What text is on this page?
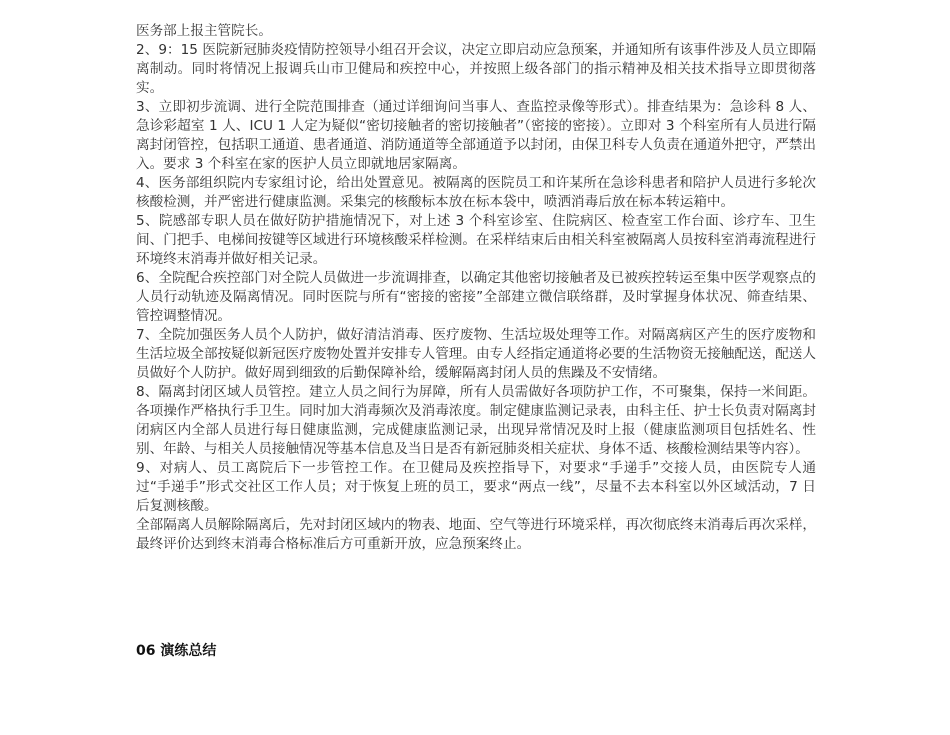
医务部上报主管院长。

2、9：15 医院新冠肺炎疫情防控领导小组召开会议，决定立即启动应急预案，并通知所有该事件涉及人员立即隔离制动。同时将情况上报调兵山市卫健局和疾控中心，并按照上级各部门的指示精神及相关技术指导立即贯彻落实。

3、立即初步流调、进行全院范围排查（通过详细询问当事人、查监控录像等形式）。排查结果为：急诊科 8 人、急诊彩超室 1 人、ICU 1 人定为疑似“密切接触者的密切接触者”（密接的密接）。立即对 3 个科室所有人员进行隔离封闭管控，包括职工通道、患者通道、消防通道等全部通道予以封闭，由保卫科专人负责在通道外把守，严禁出入。要求 3 个科室在家的医护人员立即就地居家隔离。

4、医务部组织院内专家组讨论，给出处置意见。被隔离的医院员工和许某所在急诊科患者和陪护人员进行多轮次核酸检测，并严密进行健康监测。采集完的核酸标本放在标本袋中，喷洒消毒后放在标本转运箱中。

5、院感部专职人员在做好防护措施情况下，对上述 3 个科室诊室、住院病区、检查室工作台面、诊疗车、卫生间、门把手、电梯间按键等区域进行环境核酸采样检测。在采样结束后由相关科室被隔离人员按科室消毒流程进行环境终末消毒并做好相关记录。

6、全院配合疾控部门对全院人员做进一步流调排查，以确定其他密切接触者及已被疾控转运至集中医学观察点的人员行动轨迹及隔离情况。同时医院与所有“密接的密接”全部建立微信联络群，及时掌握身体状况、筛查结果、管控调整情况。

7、全院加强医务人员个人防护，做好清洁消毒、医疗废物、生活垃圾处理等工作。对隔离病区产生的医疗废物和生活垃圾全部按疑似新冠医疗废物处置并安排专人管理。由专人经指定通道将必要的生活物资无接触配送，配送人员做好个人防护。做好周到细致的后勤保障补给，缓解隔离封闭人员的焦躁及不安情绪。

8、隔离封闭区域人员管控。建立人员之间行为屏障，所有人员需做好各项防护工作，不可聚集，保持一米间距。各项操作严格执行手卫生。同时加大消毒频次及消毒浓度。制定健康监测记录表，由科主任、护士长负责对隔离封闭病区内全部人员进行每日健康监测，完成健康监测记录，出现异常情况及时上报（健康监测项目包括姓名、性别、年龄、与相关人员接触情况等基本信息及当日是否有新冠肺炎相关症状、身体不适、核酸检测结果等内容）。

9、对病人、员工离院后下一步管控工作。在卫健局及疾控指导下，对要求“手递手”交接人员，由医院专人通过“手递手”形式交社区工作人员；对于恢复上班的员工，要求“两点一线”，尽量不去本科室以外区域活动，7 日后复测核酸。

全部隔离人员解除隔离后，先对封闭区域内的物表、地面、空气等进行环境采样，再次彻底终末消毒后再次采样，最终评价达到终末消毒合格标准后方可重新开放，应急预案终止。

06 演练总结
